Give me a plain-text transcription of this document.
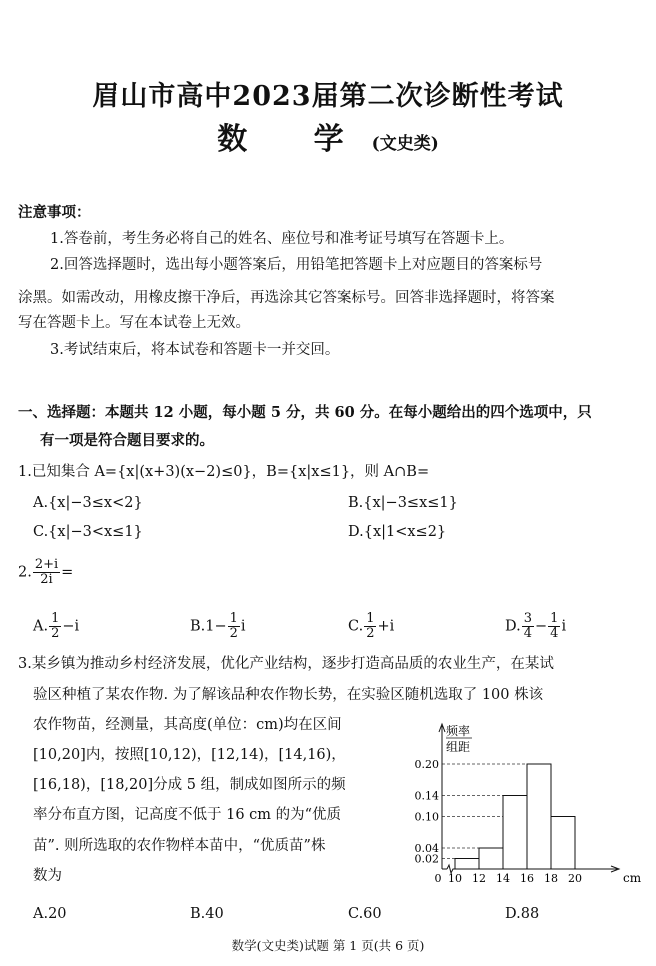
眉山市高中2023届第二次诊断性考试
数 学(文史类)
注意事项：
1.答卷前，考生务必将自己的姓名、座位号和准考证号填写在答题卡上。
2.回答选择题时，选出每小题答案后，用铅笔把答题卡上对应题目的答案标号
涂黑。如需改动，用橡皮擦干净后，再选涂其它答案标号。回答非选择题时，将答案
写在答题卡上。写在本试卷上无效。
3.考试结束后，将本试卷和答题卡一并交回。
一、选择题：本题共 12 小题，每小题 5 分，共 60 分。在每小题给出的四个选项中，只
有一项是符合题目要求的。
1.已知集合 A={x|(x+3)(x−2)≤0}，B={x|x≤1}，则 A∩B=
A.{x|−3≤x<2}	B.{x|−3≤x≤1}
C.{x|−3<x≤1}	D.{x|1<x≤2}
2. $\frac{2+i}{2i}$ =
A. $\frac{1}{2} -i$	$B.1- \frac{1}{2}$ i	C. $\frac{1}{2} +i$	D. $\frac{3}{4} - \frac{1}{4}$ i
3.某乡镇为推动乡村经济发展，优化产业结构，逐步打造高品质的农业生产，在某试
验区种植了某农作物. 为了解该品种农作物长势，在实验区随机选取了 100 株该
农作物苗，经测量，其高度(单位：cm)均在区间
[10,20]内，按照[10,12)，[12,14)，[14,16)，
[16,18)，[18,20]分成 5 组，制成如图所示的频
率分布直方图，记高度不低于 16 cm 的为“优质
苗”. 则所选取的农作物样本苗中，“优质苗”株
数为
0.02
0.04
0.10
0.14
0.20
频率
组距
0	cm
10 12 14 16 18 20
A.20	B.40	C.60	D.88
数学(文史类)试题 第 1 页(共 6 页)
